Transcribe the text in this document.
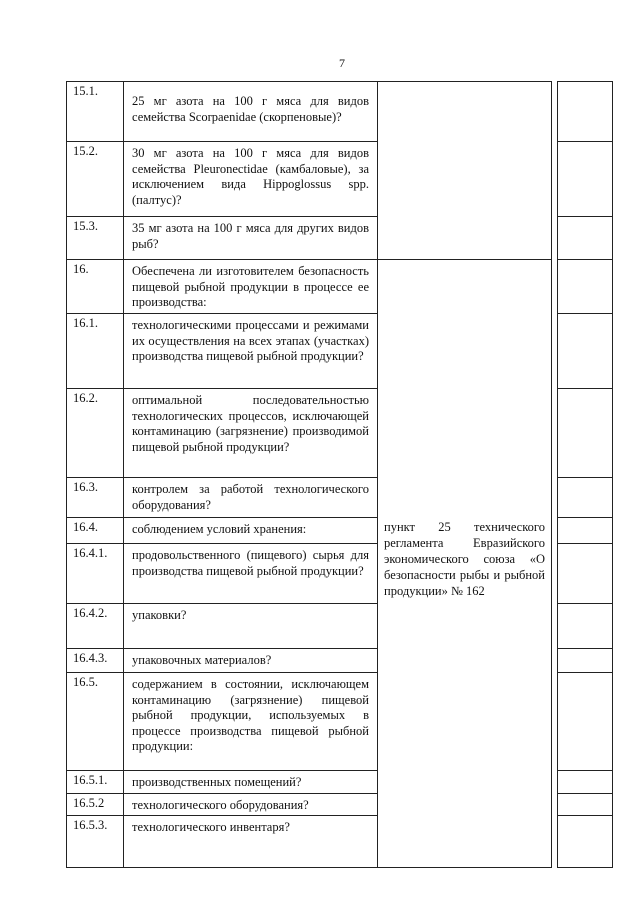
7
15.1.	25 мг азота на 100 г мяса для видов семейства Scorpaenidae (скорпеновые)?			

15.2.	30 мг азота на 100 г мяса для видов семейства Pleuronectidae (камбаловые), за исключением вида Hippoglossus spp. (палтус)?			
15.3.	35 мг азота на 100 г мяса для других видов рыб?			
16.	Обеспечена ли изготовителем безопасность пищевой рыбной продукции в процессе ее производства:	пункт 25 технического регламента Евразийского экономического союза «О безопасности рыбы и рыбной продукции» № 162		

16.1.	технологическими процессами и режимами их осуществления на всех этапах (участках) производства пищевой рыбной продукции?			
16.2.	оптимальной последовательностью технологических процессов, исключающей контаминацию (загрязнение) производимой пищевой рыбной продукции?			
16.3.	контролем за работой технологического оборудования?			
16.4.	соблюдением условий хранения:			
16.4.1.	продовольственного (пищевого) сырья для производства пищевой рыбной продукции?			
16.4.2.	упаковки?			
16.4.3.	упаковочных материалов?			
16.5.	содержанием в состоянии, исключающем контаминацию (загрязнение) пищевой рыбной продукции, используемых в процессе производства пищевой рыбной продукции:			
16.5.1.	производственных помещений?			
16.5.2	технологического оборудования?			
16.5.3.	технологического инвентаря?			
